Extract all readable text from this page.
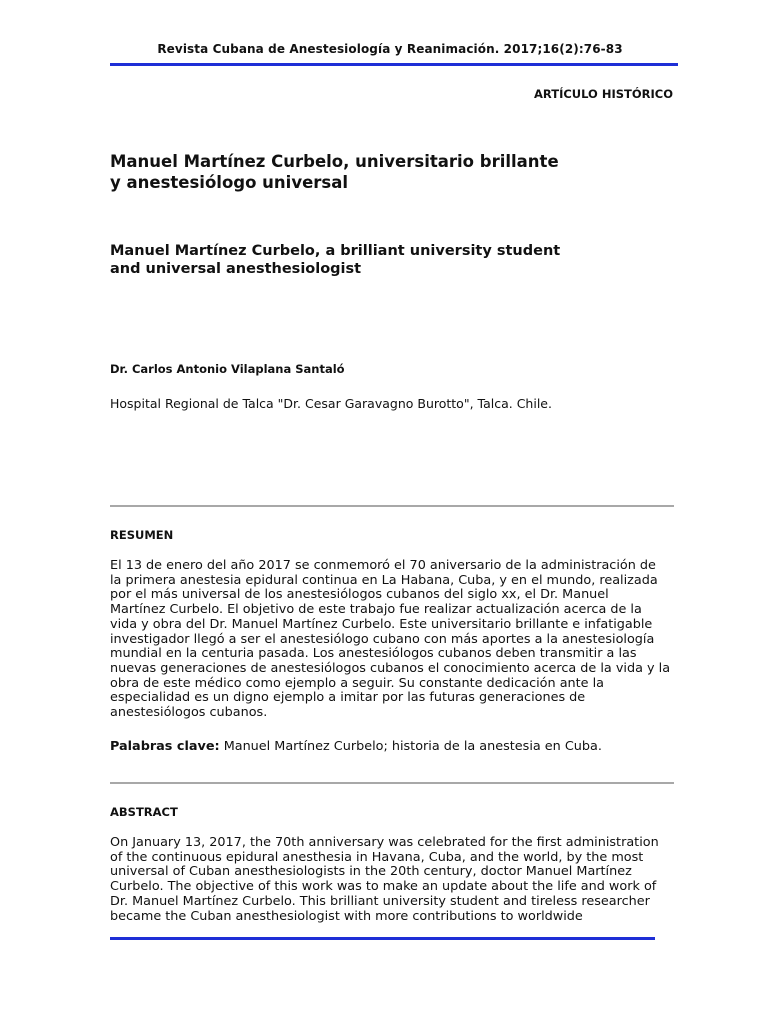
Revista Cubana de Anestesiología y Reanimación. 2017;16(2):76-83
ARTÍCULO HISTÓRICO
Manuel Martínez Curbelo, universitario brillante
y anestesiólogo universal
Manuel Martínez Curbelo, a brilliant university student
and universal anesthesiologist
Dr. Carlos Antonio Vilaplana Santaló
Hospital Regional de Talca "Dr. Cesar Garavagno Burotto", Talca. Chile.
RESUMEN
El 13 de enero del año 2017 se conmemoró el 70 aniversario de la administración de
la primera anestesia epidural continua en La Habana, Cuba, y en el mundo, realizada
por el más universal de los anestesiólogos cubanos del siglo xx, el Dr. Manuel
Martínez Curbelo. El objetivo de este trabajo fue realizar actualización acerca de la
vida y obra del Dr. Manuel Martínez Curbelo. Este universitario brillante e infatigable
investigador llegó a ser el anestesiólogo cubano con más aportes a la anestesiología
mundial en la centuria pasada. Los anestesiólogos cubanos deben transmitir a las
nuevas generaciones de anestesiólogos cubanos el conocimiento acerca de la vida y la
obra de este médico como ejemplo a seguir. Su constante dedicación ante la
especialidad es un digno ejemplo a imitar por las futuras generaciones de
anestesiólogos cubanos.
Palabras clave: Manuel Martínez Curbelo; historia de la anestesia en Cuba.
ABSTRACT
On January 13, 2017, the 70th anniversary was celebrated for the first administration
of the continuous epidural anesthesia in Havana, Cuba, and the world, by the most
universal of Cuban anesthesiologists in the 20th century, doctor Manuel Martínez
Curbelo. The objective of this work was to make an update about the life and work of
Dr. Manuel Martínez Curbelo. This brilliant university student and tireless researcher
became the Cuban anesthesiologist with more contributions to worldwide
